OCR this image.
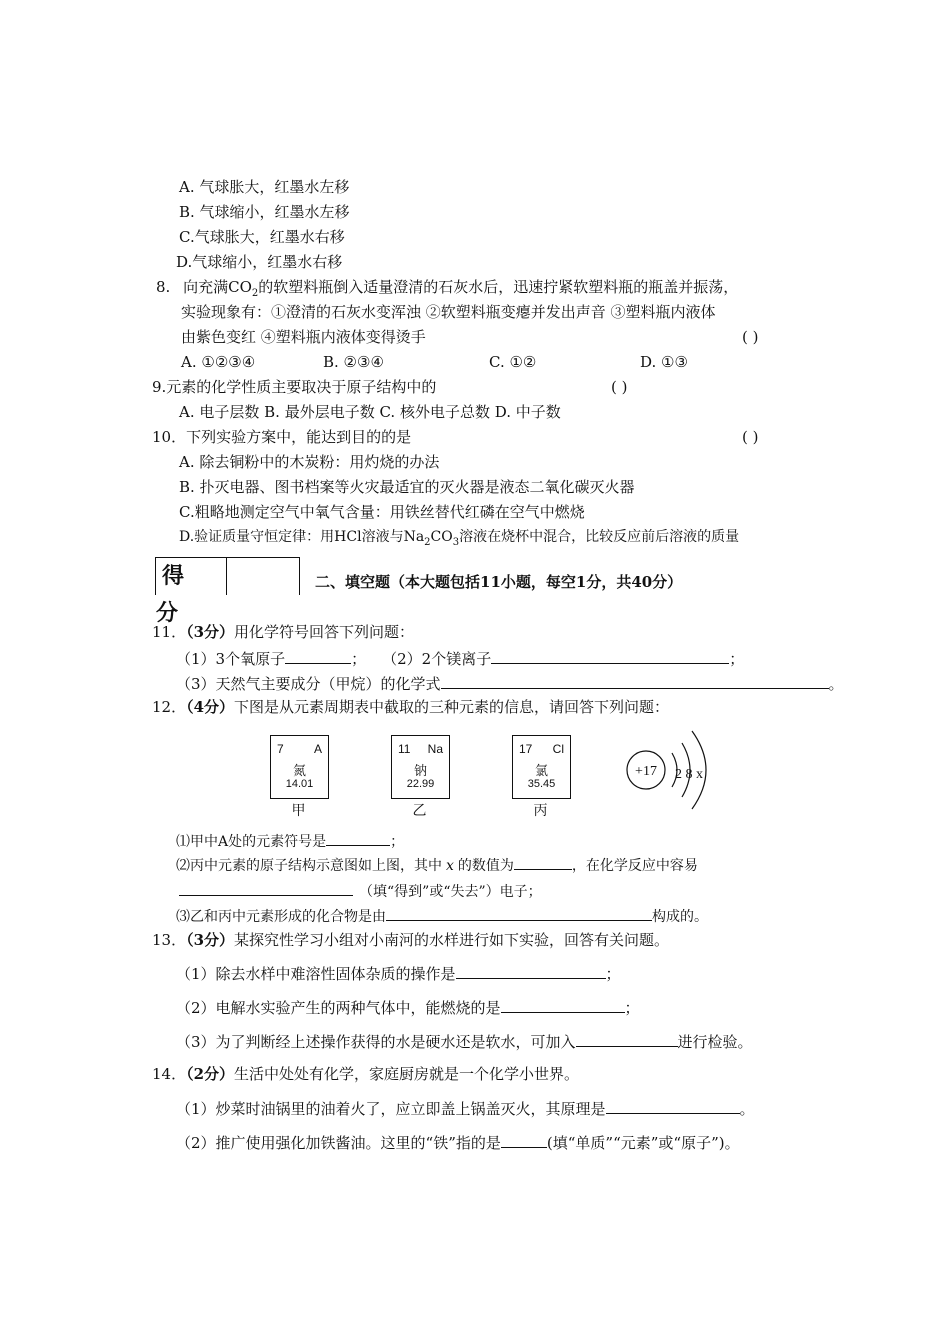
A. 气球胀大，红墨水左移
B. 气球缩小，红墨水左移
C.气球胀大，红墨水右移
D.气球缩小，红墨水右移
8. 向充满$CO_2$的软塑料瓶倒入适量澄清的石灰水后，迅速拧紧软塑料瓶的瓶盖并振荡，
实验现象有：①澄清的石灰水变浑浊 ②软塑料瓶变瘪并发出声音 ③塑料瓶内液体
由紫色变红 ④塑料瓶内液体变得烫手	( )
A. ①②③④	B. ②③④	C. ①②	D. ①③
9.元素的化学性质主要取决于原子结构中的	( )
A. 电子层数 B. 最外层电子数 C. 核外电子总数 D. 中子数
10．下列实验方案中，能达到目的的是	( )
A. 除去铜粉中的木炭粉：用灼烧的办法
B. 扑灭电器、图书档案等火灾最适宜的灭火器是液态二氧化碳灭火器
C.粗略地测定空气中氧气含量：用铁丝替代红磷在空气中燃烧
D.验证质量守恒定律：用HCl溶液与$Na_2CO_3$溶液在烧杯中混合，比较反应前后溶液的质量
得 分
二、填空题（本大题包括11小题，每空1分，共40分）
11．（3分）用化学符号回答下列问题：
（1）3个氧原子	； （2）2个镁离子	；
（3）天然气主要成分（甲烷）的化学式	。
12．（4分）下图是从元素周期表中截取的三种元素的信息，请回答下列问题：
7	A
氮
14.01
甲
11 Na
钠
22.99
乙
17 Cl
氯
35.45
丙
+17 2 8 x
⑴甲中A处的元素符号是	；
⑵丙中元素的原子结构示意图如上图，其中 x 的数值为	，在化学反应中容易
（填“得到”或“失去”）电子；
⑶乙和丙中元素形成的化合物是由	构成的。
13．（3分）某探究性学习小组对小南河的水样进行如下实验，回答有关问题。
（1）除去水样中难溶性固体杂质的操作是	；
（2）电解水实验产生的两种气体中，能燃烧的是	；
（3）为了判断经上述操作获得的水是硬水还是软水，可加入	进行检验。
14．（2分）生活中处处有化学，家庭厨房就是一个化学小世界。
（1）炒菜时油锅里的油着火了，应立即盖上锅盖灭火，其原理是	。
（2）推广使用强化加铁酱油。这里的“铁”指的是	(填“单质”“元素”或“原子”)。
